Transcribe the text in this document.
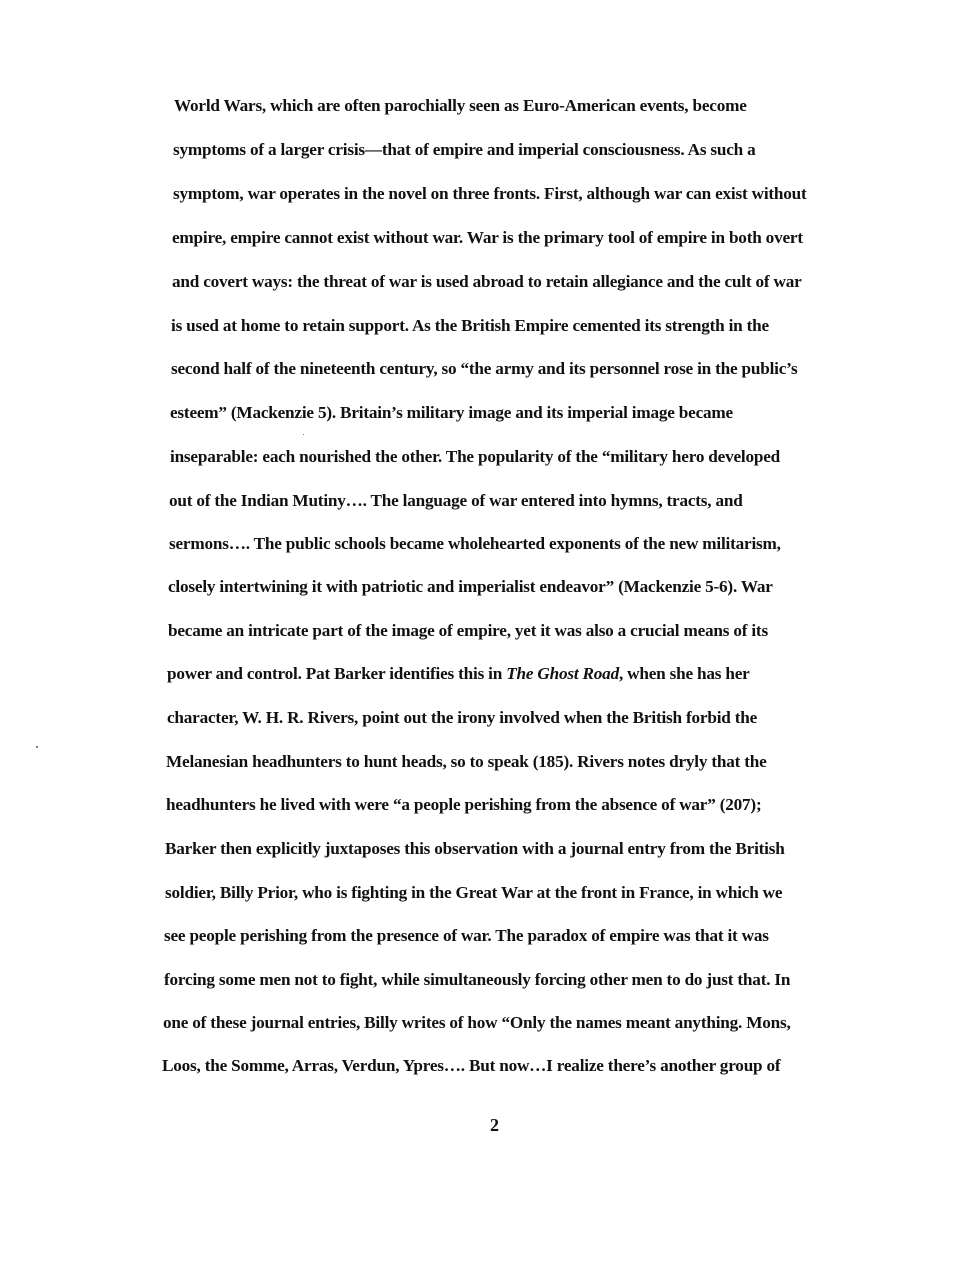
World Wars, which are often parochially seen as Euro-American events, become
symptoms of a larger crisis—that of empire and imperial consciousness. As such a
symptom, war operates in the novel on three fronts. First, although war can exist without
empire, empire cannot exist without war. War is the primary tool of empire in both overt
and covert ways: the threat of war is used abroad to retain allegiance and the cult of war
is used at home to retain support. As the British Empire cemented its strength in the
second half of the nineteenth century, so “the army and its personnel rose in the public’s
esteem” (Mackenzie 5). Britain’s military image and its imperial image became
inseparable: each nourished the other. The popularity of the “military hero developed
out of the Indian Mutiny…. The language of war entered into hymns, tracts, and
sermons…. The public schools became wholehearted exponents of the new militarism,
closely intertwining it with patriotic and imperialist endeavor” (Mackenzie 5-6). War
became an intricate part of the image of empire, yet it was also a crucial means of its
power and control. Pat Barker identifies this in The Ghost Road, when she has her
character, W. H. R. Rivers, point out the irony involved when the British forbid the
Melanesian headhunters to hunt heads, so to speak (185). Rivers notes dryly that the
headhunters he lived with were “a people perishing from the absence of war” (207);
Barker then explicitly juxtaposes this observation with a journal entry from the British
soldier, Billy Prior, who is fighting in the Great War at the front in France, in which we
see people perishing from the presence of war. The paradox of empire was that it was
forcing some men not to fight, while simultaneously forcing other men to do just that. In
one of these journal entries, Billy writes of how “Only the names meant anything. Mons,
Loos, the Somme, Arras, Verdun, Ypres…. But now…I realize there’s another group of
2
